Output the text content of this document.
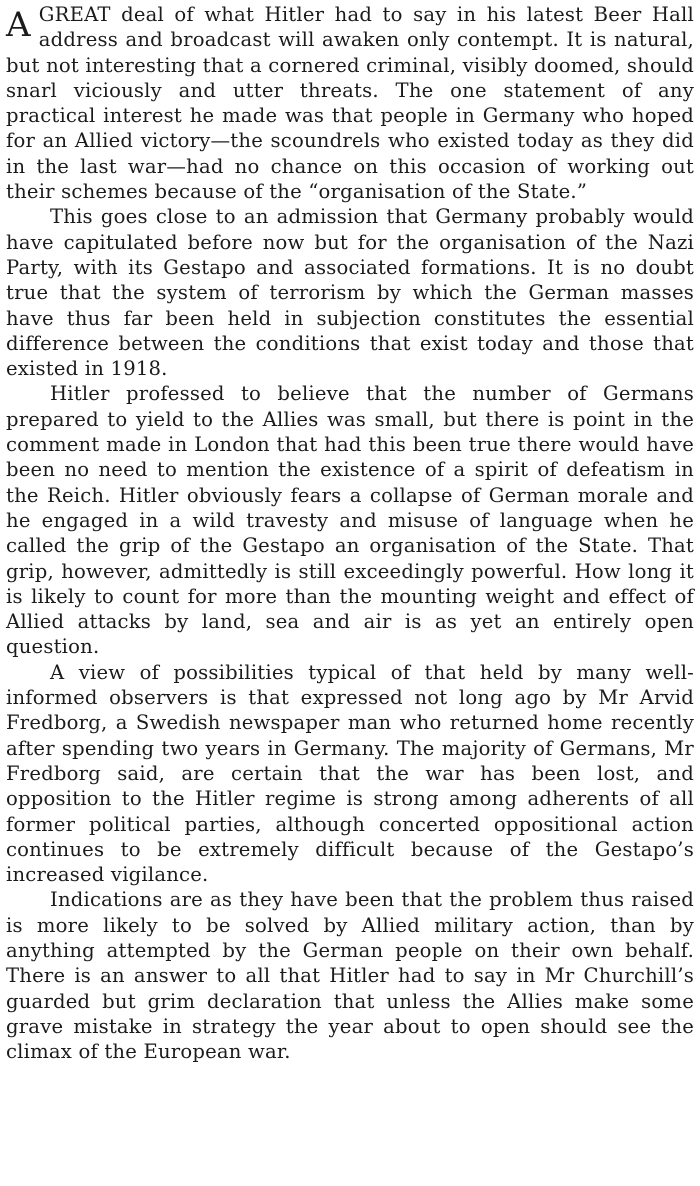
AGREAT deal of what Hitler had to say in his latest Beer Hall address and broadcast will awaken only contempt. It is natural, but not interesting that a cornered criminal, visibly doomed, should snarl viciously and utter threats. The one statement of any practical interest he made was that people in Germany who hoped for an Allied victory—the scoundrels who existed today as they did in the last war—had no chance on this occasion of working out their schemes because of the “organisation of the State.”

This goes close to an admission that Germany probably would have capitulated before now but for the organisation of the Nazi Party, with its Gestapo and associated formations. It is no doubt true that the system of terrorism by which the German masses have thus far been held in subjection constitutes the essential difference between the conditions that exist today and those that existed in 1918.

Hitler professed to believe that the number of Germans prepared to yield to the Allies was small, but there is point in the comment made in London that had this been true there would have been no need to mention the existence of a spirit of defeatism in the Reich. Hitler obviously fears a collapse of German morale and he engaged in a wild travesty and misuse of language when he called the grip of the Gestapo an organisation of the State. That grip, however, admittedly is still exceedingly powerful. How long it is likely to count for more than the mounting weight and effect of Allied attacks by land, sea and air is as yet an entirely open question.

A view of possibilities typical of that held by many well-informed observers is that expressed not long ago by Mr Arvid Fredborg, a Swedish newspaper man who returned home recently after spending two years in Germany. The majority of Germans, Mr Fredborg said, are certain that the war has been lost, and opposition to the Hitler regime is strong among adherents of all former political parties, although concerted oppositional action continues to be extremely difficult because of the Gestapo’s increased vigilance.

Indications are as they have been that the problem thus raised is more likely to be solved by Allied military action, than by anything attempted by the German people on their own behalf. There is an answer to all that Hitler had to say in Mr Churchill’s guarded but grim declaration that unless the Allies make some grave mistake in strategy the year about to open should see the climax of the European war.
